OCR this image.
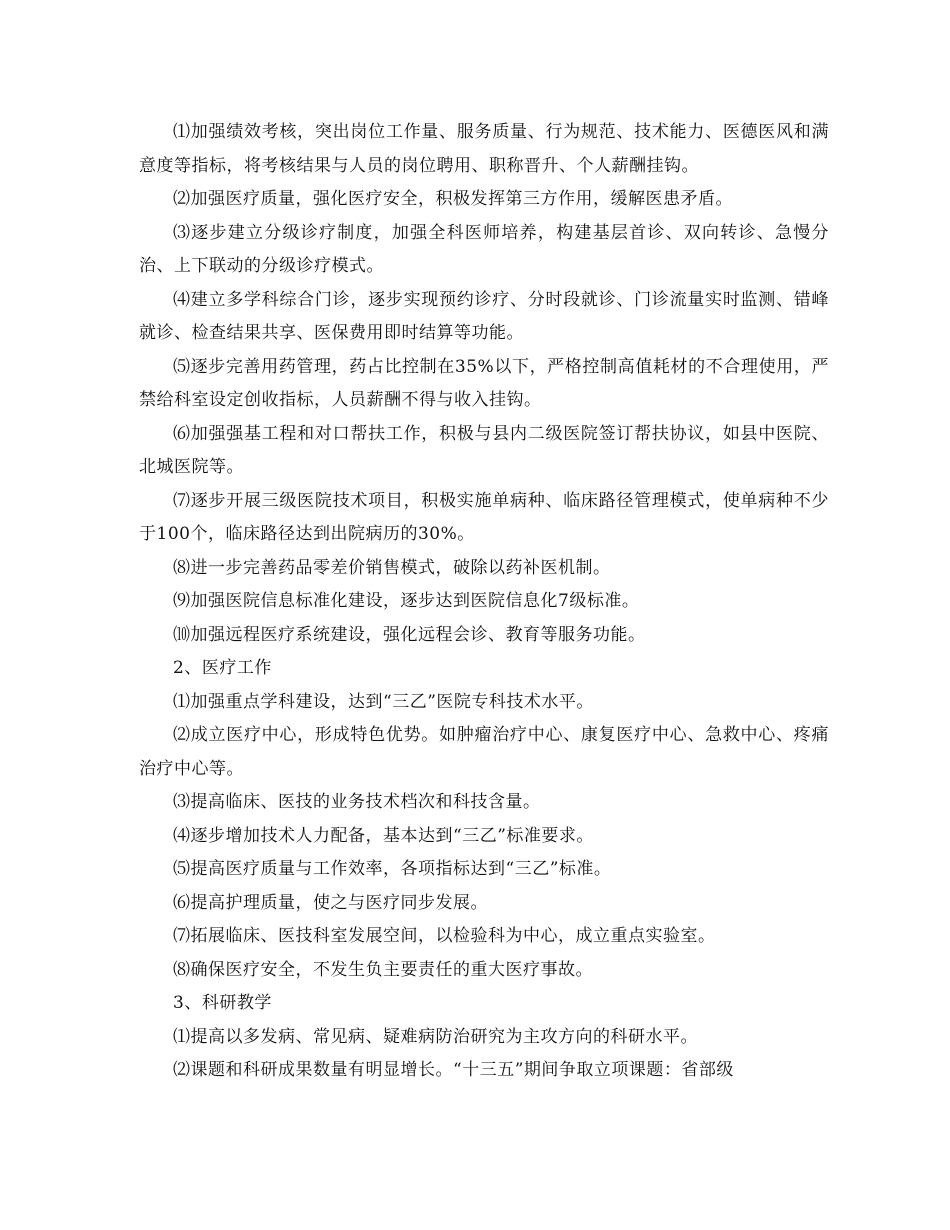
⑴加强绩效考核，突出岗位工作量、服务质量、行为规范、技术能力、医德医风和满意度等指标，将考核结果与人员的岗位聘用、职称晋升、个人薪酬挂钩。

⑵加强医疗质量，强化医疗安全，积极发挥第三方作用，缓解医患矛盾。

⑶逐步建立分级诊疗制度，加强全科医师培养，构建基层首诊、双向转诊、急慢分治、上下联动的分级诊疗模式。

⑷建立多学科综合门诊，逐步实现预约诊疗、分时段就诊、门诊流量实时监测、错峰就诊、检查结果共享、医保费用即时结算等功能。

⑸逐步完善用药管理，药占比控制在35%以下，严格控制高值耗材的不合理使用，严禁给科室设定创收指标，人员薪酬不得与收入挂钩。

⑹加强强基工程和对口帮扶工作，积极与县内二级医院签订帮扶协议，如县中医院、北城医院等。

⑺逐步开展三级医院技术项目，积极实施单病种、临床路径管理模式，使单病种不少于100个，临床路径达到出院病历的30%。

⑻进一步完善药品零差价销售模式，破除以药补医机制。

⑼加强医院信息标准化建设，逐步达到医院信息化7级标准。

⑽加强远程医疗系统建设，强化远程会诊、教育等服务功能。

2、医疗工作

⑴加强重点学科建设，达到“三乙”医院专科技术水平。

⑵成立医疗中心，形成特色优势。如肿瘤治疗中心、康复医疗中心、急救中心、疼痛治疗中心等。

⑶提高临床、医技的业务技术档次和科技含量。

⑷逐步增加技术人力配备，基本达到“三乙”标准要求。

⑸提高医疗质量与工作效率，各项指标达到“三乙”标准。

⑹提高护理质量，使之与医疗同步发展。

⑺拓展临床、医技科室发展空间，以检验科为中心，成立重点实验室。

⑻确保医疗安全，不发生负主要责任的重大医疗事故。

3、科研教学

⑴提高以多发病、常见病、疑难病防治研究为主攻方向的科研水平。

⑵课题和科研成果数量有明显增长。“十三五”期间争取立项课题：省部级
